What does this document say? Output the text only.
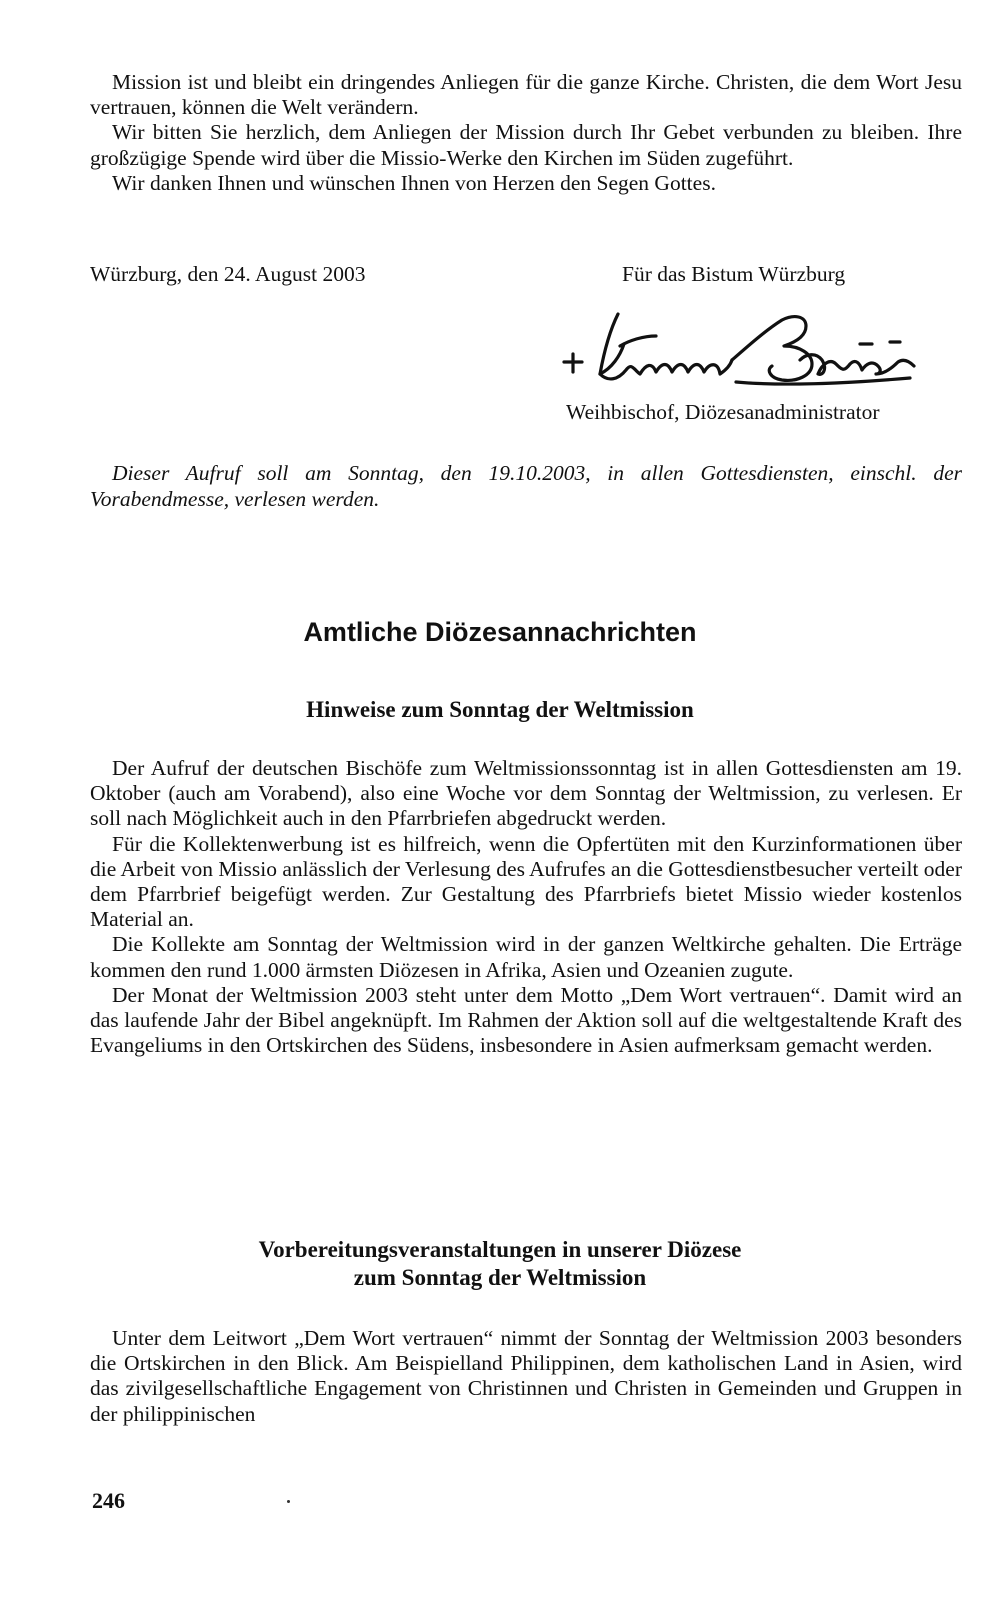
Mission ist und bleibt ein dringendes Anliegen für die ganze Kirche. Christen, die dem Wort Jesu vertrauen, können die Welt verändern.

Wir bitten Sie herzlich, dem Anliegen der Mission durch Ihr Gebet verbunden zu bleiben. Ihre großzügige Spende wird über die Missio-Werke den Kirchen im Süden zugeführt.

Wir danken Ihnen und wünschen Ihnen von Herzen den Segen Gottes.

Würzburg, den 24. August 2003	Für das Bistum Würzburg
Weihbischof, Diözesanadministrator

Dieser Aufruf soll am Sonntag, den 19.10.2003, in allen Gottesdiensten, einschl. der Vorabendmesse, verlesen werden.

Amtliche Diözesannachrichten
Hinweise zum Sonntag der Weltmission

Der Aufruf der deutschen Bischöfe zum Weltmissionssonntag ist in allen Gottesdiensten am 19. Oktober (auch am Vorabend), also eine Woche vor dem Sonntag der Weltmission, zu verlesen. Er soll nach Möglichkeit auch in den Pfarrbriefen abgedruckt werden.

Für die Kollektenwerbung ist es hilfreich, wenn die Opfertüten mit den Kurzinformationen über die Arbeit von Missio anlässlich der Verlesung des Aufrufes an die Gottesdienstbesucher verteilt oder dem Pfarrbrief beigefügt werden. Zur Gestaltung des Pfarrbriefs bietet Missio wieder kostenlos Material an.

Die Kollekte am Sonntag der Weltmission wird in der ganzen Weltkirche gehalten. Die Erträge kommen den rund 1.000 ärmsten Diözesen in Afrika, Asien und Ozeanien zugute.

Der Monat der Weltmission 2003 steht unter dem Motto „Dem Wort vertrauen“. Damit wird an das laufende Jahr der Bibel angeknüpft. Im Rahmen der Aktion soll auf die weltgestaltende Kraft des Evangeliums in den Ortskirchen des Südens, insbesondere in Asien aufmerksam gemacht werden.

Vorbereitungsveranstaltungen in unserer Diözese
zum Sonntag der Weltmission

Unter dem Leitwort „Dem Wort vertrauen“ nimmt der Sonntag der Weltmission 2003 besonders die Ortskirchen in den Blick. Am Beispielland Philippinen, dem katholischen Land in Asien, wird das zivilgesellschaftliche Engagement von Christinnen und Christen in Gemeinden und Gruppen in der philippinischen

246
